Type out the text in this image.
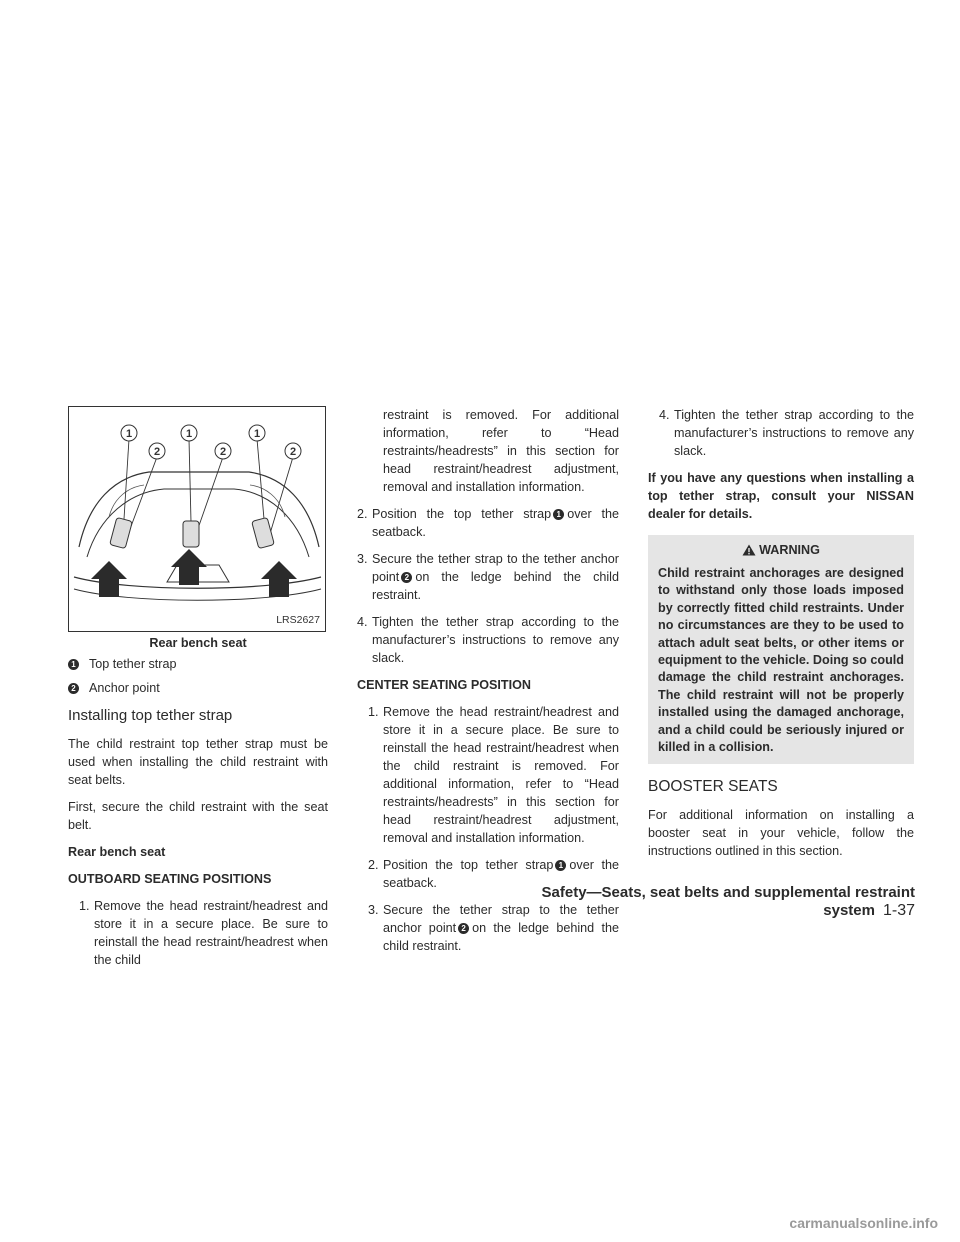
1
2
1
2
1
2
LRS2627
Rear bench seat
1 Top tether strap
2 Anchor point
Installing top tether strap

The child restraint top tether strap must be used when installing the child restraint with seat belts.

First, secure the child restraint with the seat belt.

Rear bench seat
OUTBOARD SEATING POSITIONS
1. Remove the head restraint/headrest and store it in a secure place. Be sure to reinstall the head restraint/headrest when the child
restraint is removed. For additional information, refer to “Head restraints/headrests” in this section for head restraint/headrest adjustment, removal and installation information.
2. Position the top tether strap 1 over the seatback.
3. Secure the tether strap to the tether anchor point 2 on the ledge behind the child restraint.
4. Tighten the tether strap according to the manufacturer’s instructions to remove any slack.
CENTER SEATING POSITION
1. Remove the head restraint/headrest and store it in a secure place. Be sure to reinstall the head restraint/headrest when the child restraint is removed. For additional information, refer to “Head restraints/headrests” in this section for head restraint/headrest adjustment, removal and installation information.
2. Position the top tether strap 1 over the seatback.
3. Secure the tether strap to the tether anchor point 2 on the ledge behind the child restraint.
4. Tighten the tether strap according to the manufacturer’s instructions to remove any slack.

If you have any questions when installing a top tether strap, consult your NISSAN dealer for details.

WARNING
Child restraint anchorages are designed to withstand only those loads imposed by correctly fitted child restraints. Under no circumstances are they to be used to attach adult seat belts, or other items or equipment to the vehicle. Doing so could damage the child restraint anchorages. The child restraint will not be properly installed using the damaged anchorage, and a child could be seriously injured or killed in a collision.
BOOSTER SEATS

For additional information on installing a booster seat in your vehicle, follow the instructions outlined in this section.

Safety—Seats, seat belts and supplemental restraint system 1-37
carmanualsonline.info
